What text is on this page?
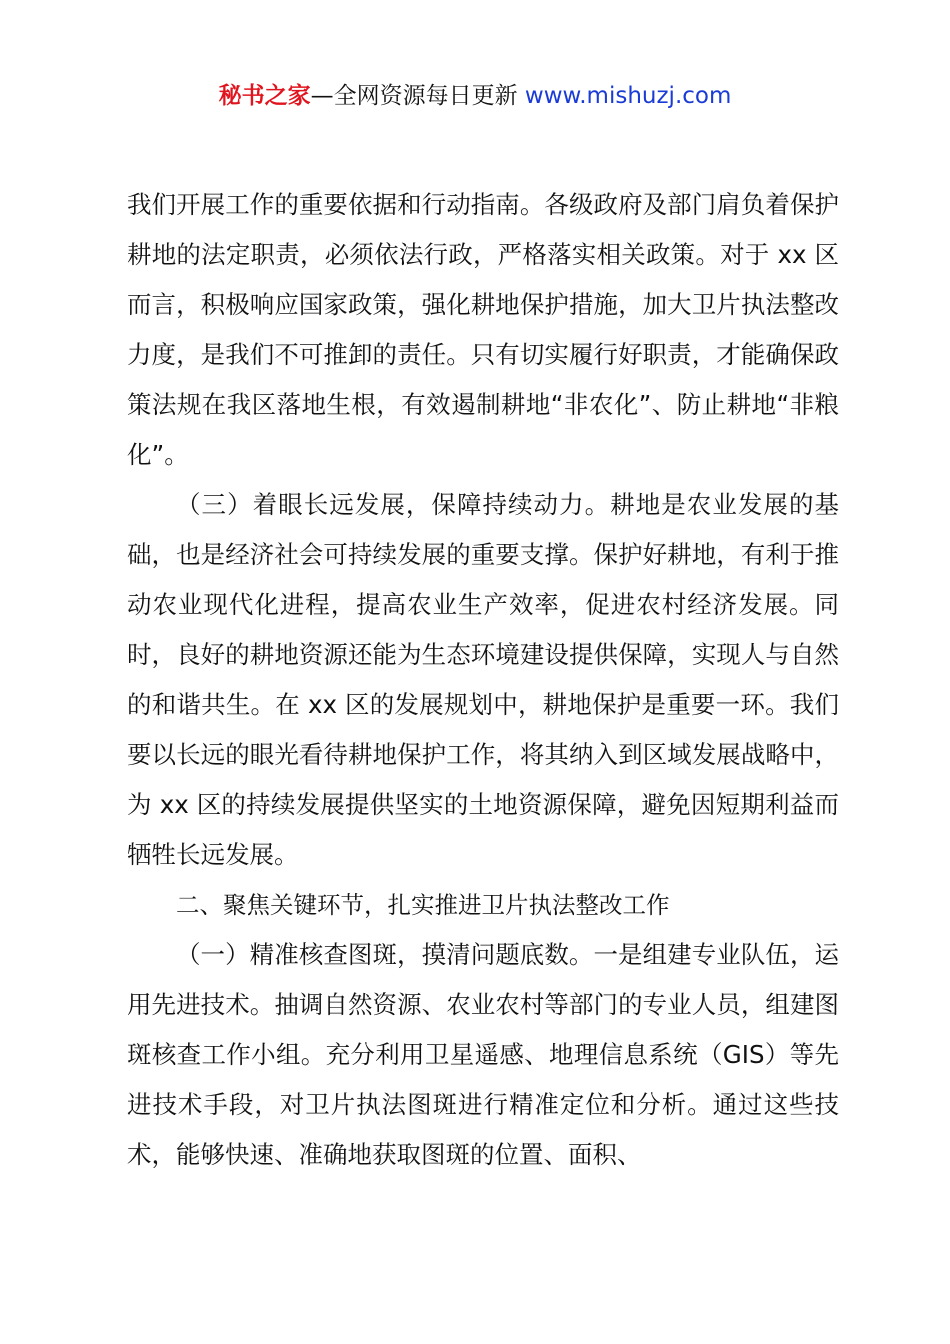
秘书之家—全网资源每日更新 www.mishuzj.com

我们开展工作的重要依据和行动指南。各级政府及部门肩负着保护耕地的法定职责，必须依法行政，严格落实相关政策。对于 xx 区而言，积极响应国家政策，强化耕地保护措施，加大卫片执法整改力度，是我们不可推卸的责任。只有切实履行好职责，才能确保政策法规在我区落地生根，有效遏制耕地“非农化”、防止耕地“非粮化”。

（三）着眼长远发展，保障持续动力。耕地是农业发展的基础，也是经济社会可持续发展的重要支撑。保护好耕地，有利于推动农业现代化进程，提高农业生产效率，促进农村经济发展。同时，良好的耕地资源还能为生态环境建设提供保障，实现人与自然的和谐共生。在 xx 区的发展规划中，耕地保护是重要一环。我们要以长远的眼光看待耕地保护工作，将其纳入到区域发展战略中，为 xx 区的持续发展提供坚实的土地资源保障，避免因短期利益而牺牲长远发展。

二、聚焦关键环节，扎实推进卫片执法整改工作

（一）精准核查图斑，摸清问题底数。一是组建专业队伍，运用先进技术。抽调自然资源、农业农村等部门的专业人员，组建图斑核查工作小组。充分利用卫星遥感、地理信息系统（GIS）等先进技术手段，对卫片执法图斑进行精准定位和分析。通过这些技术，能够快速、准确地获取图斑的位置、面积、
